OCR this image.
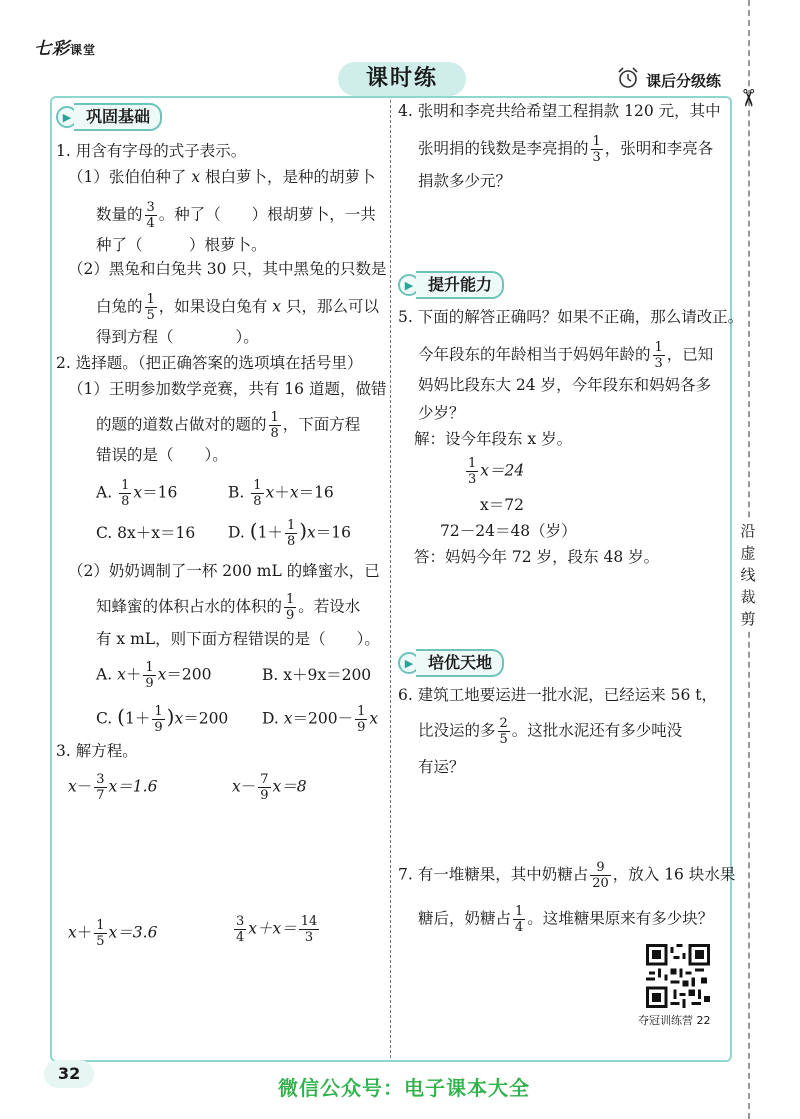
七彩课堂
课时练	课后分级练
✂
沿
虚
线
裁
剪
▶ 巩固基础
1. 用含有字母的式子表示。
（1）张伯伯种了 x 根白萝卜，是种的胡萝卜
数量的 $\frac{3}{4}$ 。种了（　　）根胡萝卜，一共
种了（　　　）根萝卜。
（2）黑兔和白兔共 30 只，其中黑兔的只数是
白兔的 $\frac{1}{5}$ ，如果设白兔有 x 只，那么可以
得到方程（　　　　）。
2. 选择题。（把正确答案的选项填在括号里）
（1）王明参加数学竞赛，共有 16 道题，做错
的题的道数占做对的题的 $\frac{1}{8}$ ，下面方程
错误的是（　　）。
A. $\frac{1}{8} x=16$	B. $\frac{1}{8} x+x=16$
C. 8x＋x＝16 D. $(1+ \frac{1}{8} )x=16$
（2）奶奶调制了一杯 200 mL 的蜂蜜水，已
知蜂蜜的体积占水的体积的 $\frac{1}{9}$ 。若设水
有 x mL，则下面方程错误的是（　　）。
A. $x+ \frac{1}{9} x=200$	B. x＋9x＝200
C. $(1+ \frac{1}{9} )x=200$ D. $x=200- \frac{1}{9}$ x
3. 解方程。
$x- \frac{3}{7} x=1.6$	$x- \frac{7}{9} x=8$
$x+ \frac{1}{5} x=3.6$	$\frac{3}{4} x+x= \frac{14}{3}$
4. 张明和李亮共给希望工程捐款 120 元，其中
张明捐的钱数是李亮捐的 $\frac{1}{3}$ ，张明和李亮各
捐款多少元？
▶ 提升能力
5. 下面的解答正确吗？如果不正确，那么请改正。
今年段东的年龄相当于妈妈年龄的 $\frac{1}{3}$ ，已知
妈妈比段东大 24 岁，今年段东和妈妈各多
少岁？
解：设今年段东 x 岁。
$\frac{1}{3} x=24$
x＝72
72－24＝48（岁）
答：妈妈今年 72 岁，段东 48 岁。
▶ 培优天地
6. 建筑工地要运进一批水泥，已经运来 56 t，
比没运的多 $\frac{2}{5}$ 。这批水泥还有多少吨没
有运？
7. 有一堆糖果，其中奶糖占 $\frac{9}{20}$ ，放入 16 块水果
糖后，奶糖占 $\frac{1}{4}$ 。这堆糖果原来有多少块？
夺冠训练营 22
32
微信公众号：电子课本大全
